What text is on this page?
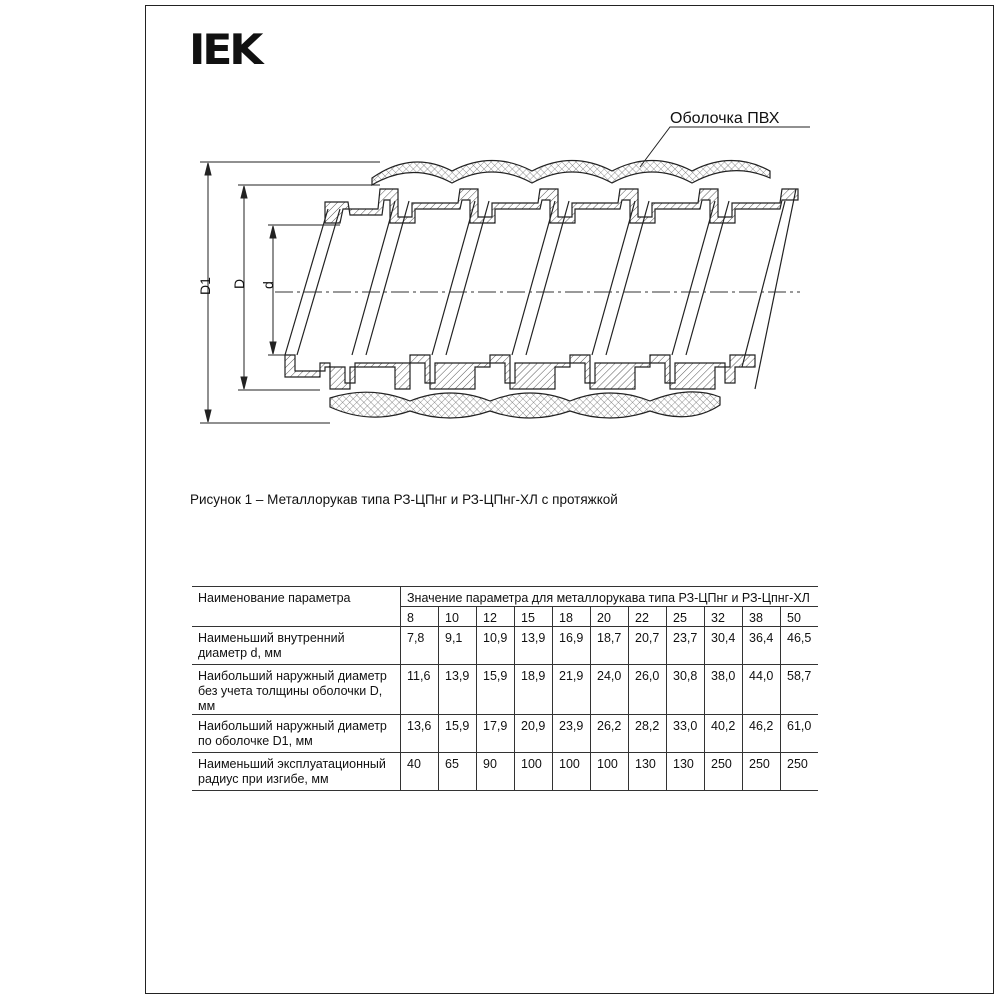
IEK
Оболочка ПВХ
D1 D d
Рисунок 1 – Металлорукав типа РЗ-ЦПнг и РЗ-ЦПнг-ХЛ с протяжкой
Наименование параметра	Значение параметра для металлорукава типа РЗ-ЦПнг и РЗ-Цпнг-ХЛ										
	8	10	12	15	18	20	22	25	32	38	50
Наименьший внутренний диаметр d, мм	7,8	9,1	10,9	13,9	16,9	18,7	20,7	23,7	30,4	36,4	46,5
Наибольший наружный диаметр без учета толщины оболочки D, мм	11,6	13,9	15,9	18,9	21,9	24,0	26,0	30,8	38,0	44,0	58,7
Наибольший наружный диаметр по оболочке D1, мм	13,6	15,9	17,9	20,9	23,9	26,2	28,2	33,0	40,2	46,2	61,0
Наименьший эксплуатационный радиус при изгибе, мм	40	65	90	100	100	100	130	130	250	250	250
